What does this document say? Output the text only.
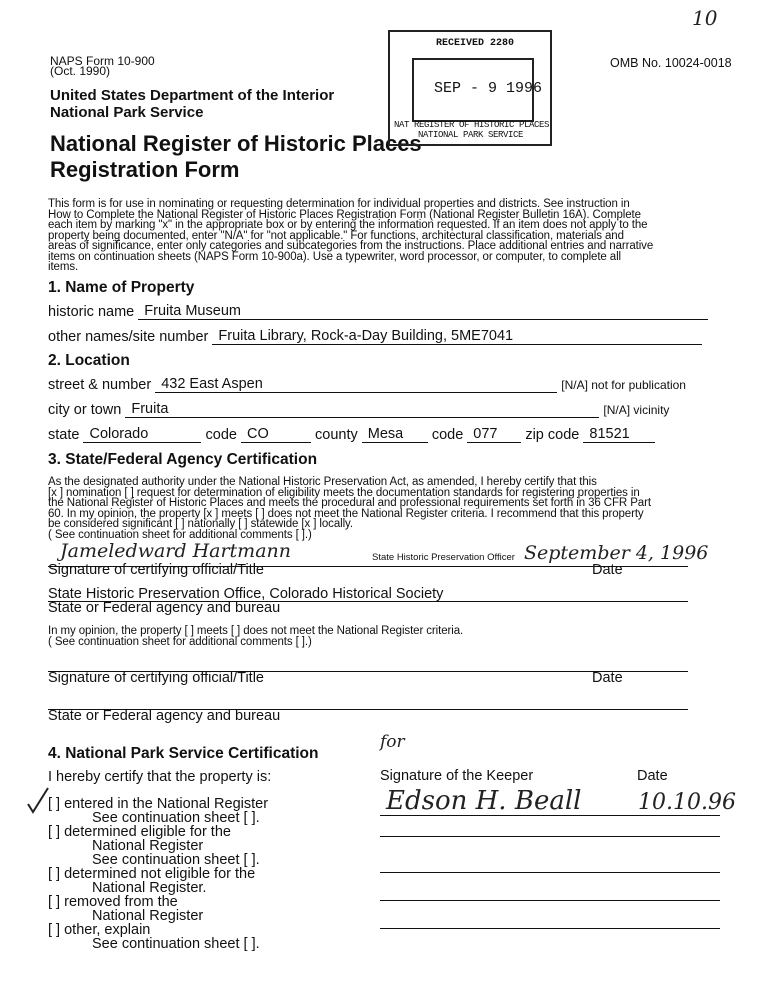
10
NAPS Form 10-900
(Oct. 1990)
OMB No. 10024-0018
United States Department of the Interior
National Park Service
National Register of Historic Places
Registration Form
RECEIVED 2280
SEP - 9 1996
NAT REGISTER OF HISTORIC PLACES
NATIONAL PARK SERVICE
This form is for use in nominating or requesting determination for individual properties and districts. See instruction in
How to Complete the National Register of Historic Places Registration Form (National Register Bulletin 16A). Complete
each item by marking "x" in the appropriate box or by entering the information requested. If an item does not apply to the
property being documented, enter "N/A" for "not applicable." For functions, architectural classification, materials and
areas of significance, enter only categories and subcategories from the instructions. Place additional entries and narrative
items on continuation sheets (NAPS Form 10-900a). Use a typewriter, word processor, or computer, to complete all
items.
1. Name of Property
historic name Fruita Museum
other names/site number Fruita Library, Rock-a-Day Building, 5ME7041
2. Location
street & number 432 East Aspen	[N/A] not for publication
city or town Fruita	[N/A] vicinity
state Colorado	code CO	county Mesa code 077 zip code 81521
3. State/Federal Agency Certification
As the designated authority under the National Historic Preservation Act, as amended, I hereby certify that this
[x ] nomination [ ] request for determination of eligibility meets the documentation standards for registering properties in
the National Register of Historic Places and meets the procedural and professional requirements set forth in 36 CFR Part
60. In my opinion, the property [x ] meets [ ] does not meet the National Register criteria. I recommend that this property
be considered significant [ ] nationally [ ] statewide [x ] locally.
( See continuation sheet for additional comments [ ].)
Jameledward Hartmann	State Historic Preservation Officer September 4, 1996
Signature of certifying official/Title	Date
State Historic Preservation Office, Colorado Historical Society
State or Federal agency and bureau
In my opinion, the property [ ] meets [ ] does not meet the National Register criteria.
( See continuation sheet for additional comments [ ].)
Signature of certifying official/Title	Date
State or Federal agency and bureau
4. National Park Service Certification
I hereby certify that the property is:
[ ] entered in the National Register
See continuation sheet [ ].
[ ] determined eligible for the
National Register
See continuation sheet [ ].
[ ] determined not eligible for the
National Register.
[ ] removed from the
National Register
[ ] other, explain
See continuation sheet [ ].
for
Signature of the Keeper	Date
Edson H. Beall	10.10.96
